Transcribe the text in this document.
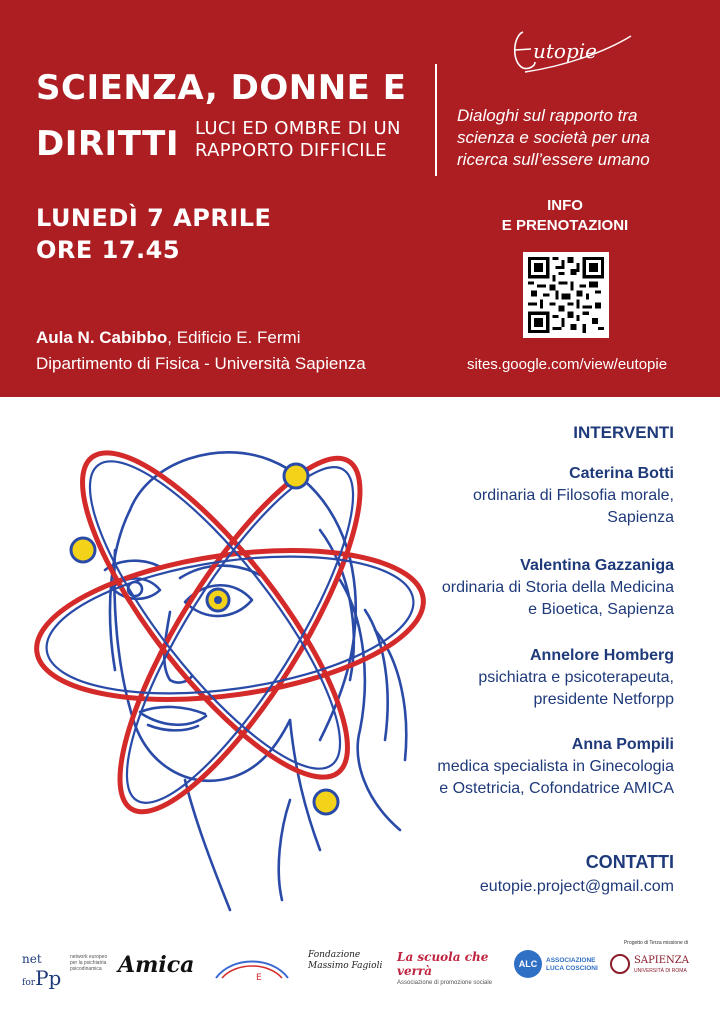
SCIENZA, DONNE E
DIRITTI LUCI ED OMBRE DI UN
RAPPORTO DIFFICILE
utopie
Dialoghi sul rapporto tra
scienza e società per una
ricerca sull’essere umano
LUNEDÌ 7 APRILE
ORE 17.45
INFO
E PRENOTAZIONI
sites.google.com/view/eutopie
Aula N. Cabibbo, Edificio E. Fermi
Dipartimento di Fisica - Università Sapienza
INTERVENTI
Caterina Botti
ordinaria di Filosofia morale,
Sapienza
Valentina Gazzaniga
ordinaria di Storia della Medicina
e Bioetica, Sapienza
Annelore Homberg
psichiatra e psicoterapeuta,
presidente Netforpp
Anna Pompili
medica specialista in Ginecologia
e Ostetricia, Cofondatrice AMICA
CONTATTI
eutopie.project@gmail.com
net
forPp
network europeo per la psichiatria psicodinamica Amica	E
Fondazione Massimo Fagioli
La scuola che verrà
Associazione di promozione sociale
ALC	ASSOCIAZIONE
LUCA COSCIONI
Progetto di Terza missione di
SAPIENZA
UNIVERSITÀ DI ROMA
